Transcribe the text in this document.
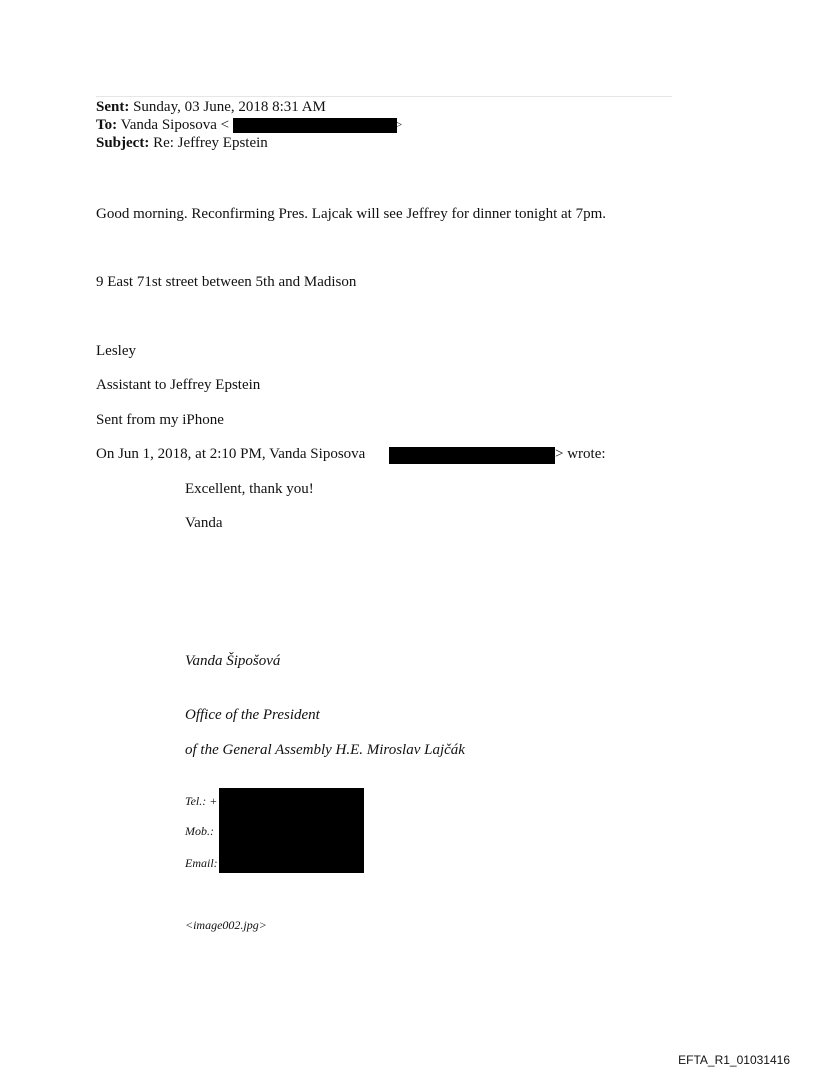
Sent: Sunday, 03 June, 2018 8:31 AM
To: Vanda Siposova <	>
Subject: Re: Jeffrey Epstein
Good morning. Reconfirming Pres. Lajcak will see Jeffrey for dinner tonight at 7pm.
9 East 71st street between 5th and Madison
Lesley
Assistant to Jeffrey Epstein
Sent from my iPhone
On Jun 1, 2018, at 2:10 PM, Vanda Siposova	> wrote:
Excellent, thank you!
Vanda
Vanda Šipošová
Office of the President
of the General Assembly H.E. Miroslav Lajčák
Tel.: +
Mob.:
Email:
<image002.jpg>
EFTA_R1_01031416
